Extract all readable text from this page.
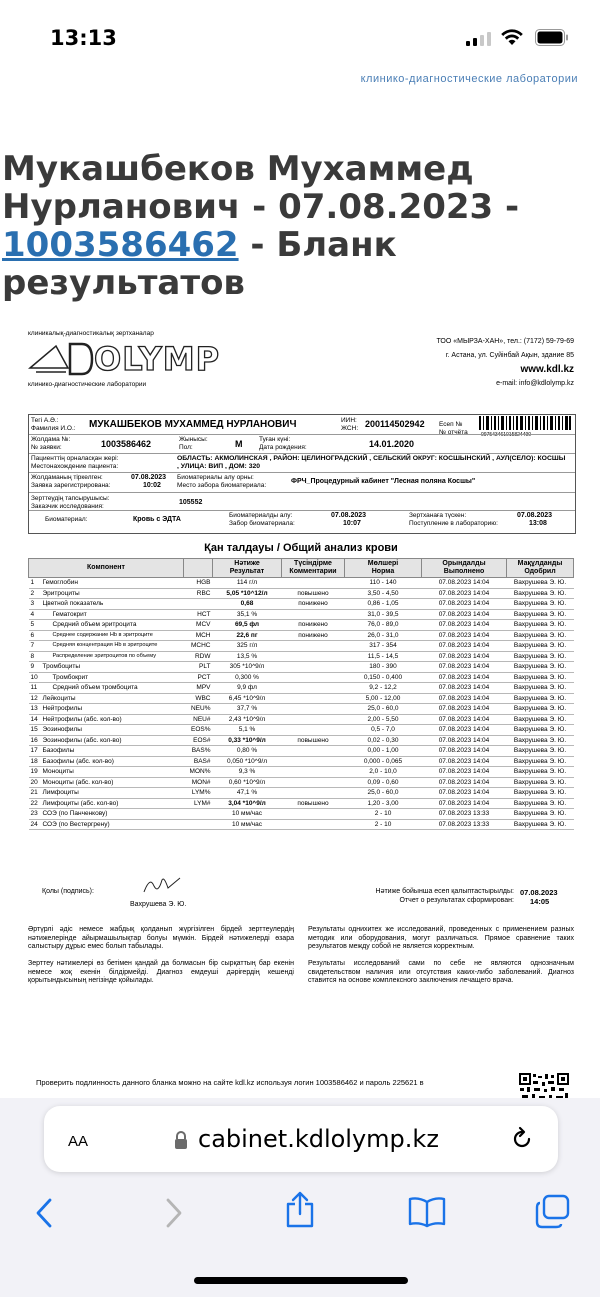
13:13
клинико-диагностические лаборатории
Мукашбеков Мухаммед Нурланович - 07.08.2023 - 1003586462 - Бланк результатов
клиникалық-диагностикалық зертханалар
OLYMP
клинико-диагностические лаборатории
ТОО «МЫРЗА-ХАН», тел.: (7172) 59-79-69
г. Астана, ул. Суйінбай Ақын, здание 85
www.kdl.kz
e-mail: info@kdlolymp.kz
Тегі А.Ә.:
Фамилия И.О.: МУКАШБЕКОВ МУХАММЕД НУРЛАНОВИЧ	ИИН:
ЖСН: 200114502942 Есеп №
№ отчёта	097543461015824490
Жолдама №:
№ заявки:	1003586462	Жынысы:
Пол:	М	Туған күні:
Дата рождения:	14.01.2020
Пациенттің орналасқан жері:
Местонахождение пациента:
ОБЛАСТЬ: АКМОЛИНСКАЯ , РАЙОН: ЦЕЛИНОГРАДСКИЙ , СЕЛЬСКИЙ ОКРУГ: КОСШЫНСКИЙ , АУЛ(СЕЛО): КОСШЫ , УЛИЦА: ВИП , ДОМ: 320
Жолдаманың тіркелген:
Заявка зарегистрирована:
07.08.2023
10:02
Биоматериалы алу орны:
Место забора биоматериала:	ФРЧ_Процедурный кабинет "Лесная поляна Косшы"
Зерттеудің тапсырушысы:
Заказчик исследования:	105552
Биоматериал:	Кровь с ЭДТА
Биоматериалды алу:
Забор биоматериала:
07.08.2023
10:07
Зертханаға түскен:
Поступление в лабораторию:
07.08.2023
13:08
Қан талдауы / Общий анализ крови
Компонент		Нәтиже
Результат	Түсіндірме
Комментарии	Мөлшері
Норма	Орындалды
Выполнено	Мақұлданды
Одобрил
1 Гемоглобин	HGB	114 г/л		110 - 140	07.08.2023 14:04	Вахрушева Э. Ю.
2 Эритроциты	RBC	5,05 *10^12/л	повышено	3,50 - 4,50	07.08.2023 14:04	Вахрушева Э. Ю.
3 Цветной показатель		0,68	понижено	0,86 - 1,05	07.08.2023 14:04	Вахрушева Э. Ю.
4 Гематокрит	HCT	35,1 %		31,0 - 39,5	07.08.2023 14:04	Вахрушева Э. Ю.
5 Средний объем эритроцита	MCV	69,5 фл	понижено	76,0 - 89,0	07.08.2023 14:04	Вахрушева Э. Ю.
6 Среднее содержание Hb в эритроците	MCH	22,6 пг	понижено	26,0 - 31,0	07.08.2023 14:04	Вахрушева Э. Ю.
7 Средняя концентрация Hb в эритроците	MCHC	325 г/л		317 - 354	07.08.2023 14:04	Вахрушева Э. Ю.
8 Распределение эритроцитов по объему	RDW	13,5 %		11,5 - 14,5	07.08.2023 14:04	Вахрушева Э. Ю.
9 Тромбоциты	PLT	305 *10^9/л		180 - 390	07.08.2023 14:04	Вахрушева Э. Ю.
10 Тромбокрит	PCT	0,300 %		0,150 - 0,400	07.08.2023 14:04	Вахрушева Э. Ю.
11 Средний объем тромбоцита	MPV	9,9 фл		9,2 - 12,2	07.08.2023 14:04	Вахрушева Э. Ю.
12 Лейкоциты	WBC	6,45 *10^9/л		5,00 - 12,00	07.08.2023 14:04	Вахрушева Э. Ю.
13 Нейтрофилы	NEU%	37,7 %		25,0 - 60,0	07.08.2023 14:04	Вахрушева Э. Ю.
14 Нейтрофилы (абс. кол-во)	NEU#	2,43 *10^9/л		2,00 - 5,50	07.08.2023 14:04	Вахрушева Э. Ю.
15 Эозинофилы	EOS%	5,1 %		0,5 - 7,0	07.08.2023 14:04	Вахрушева Э. Ю.
16 Эозинофилы (абс. кол-во)	EOS#	0,33 *10^9/л	повышено	0,02 - 0,30	07.08.2023 14:04	Вахрушева Э. Ю.
17 Базофилы	BAS%	0,80 %		0,00 - 1,00	07.08.2023 14:04	Вахрушева Э. Ю.
18 Базофилы (абс. кол-во)	BAS#	0,050 *10^9/л		0,000 - 0,065	07.08.2023 14:04	Вахрушева Э. Ю.
19 Моноциты	MON%	9,3 %		2,0 - 10,0	07.08.2023 14:04	Вахрушева Э. Ю.
20 Моноциты (абс. кол-во)	MON#	0,60 *10^9/л		0,09 - 0,60	07.08.2023 14:04	Вахрушева Э. Ю.
21 Лимфоциты	LYM%	47,1 %		25,0 - 60,0	07.08.2023 14:04	Вахрушева Э. Ю.
22 Лимфоциты (абс. кол-во)	LYM#	3,04 *10^9/л	повышено	1,20 - 3,00	07.08.2023 14:04	Вахрушева Э. Ю.
23 СОЭ (по Панченкову)		10 мм/час		2 - 10	07.08.2023 13:33	Вахрушева Э. Ю.
24 СОЭ (по Вестергрену)		10 мм/час		2 - 10	07.08.2023 13:33	Вахрушева Э. Ю.
Қолы (подпись):
Вахрушева Э. Ю.
Нәтиже бойынша есеп қалыптастырылды:
Отчет о результатах сформирован:
07.08.2023
14:05
Әртүрлі әдіс немесе жабдық қолданып жүргізілген бірдей зерттеулердің нәтижелеріндe айырмашылықтар болуы мүмкін. Бірдей нәтижелерді өзара салыстыру дұрыс емес болып табылады.
Результаты однихитех же исследований, проведенных с применением разных методик или оборудования, могут различаться. Прямое сравнение таких результатов между собой не является корректным.
Зерттеу нәтижелері өз бетімен қандай да болмасын бір сырқаттың бар екенін немесе жоқ екенін білдірмейді. Диагноз емдеушi дәрiгердің кешенді қорытындысының негізінде қойылады.
Результаты исследований сами по себе не являются однозначным свидетельством наличия или отсутствия каких-либо заболеваний. Диагноз ставится на основе комплексного заключения лечащего врача.
Проверить подлинность данного бланка можно на сайте kdl.kz используя логин 1003586462 и пароль 225621 в
AA	cabinet.kdlolymp.kz
